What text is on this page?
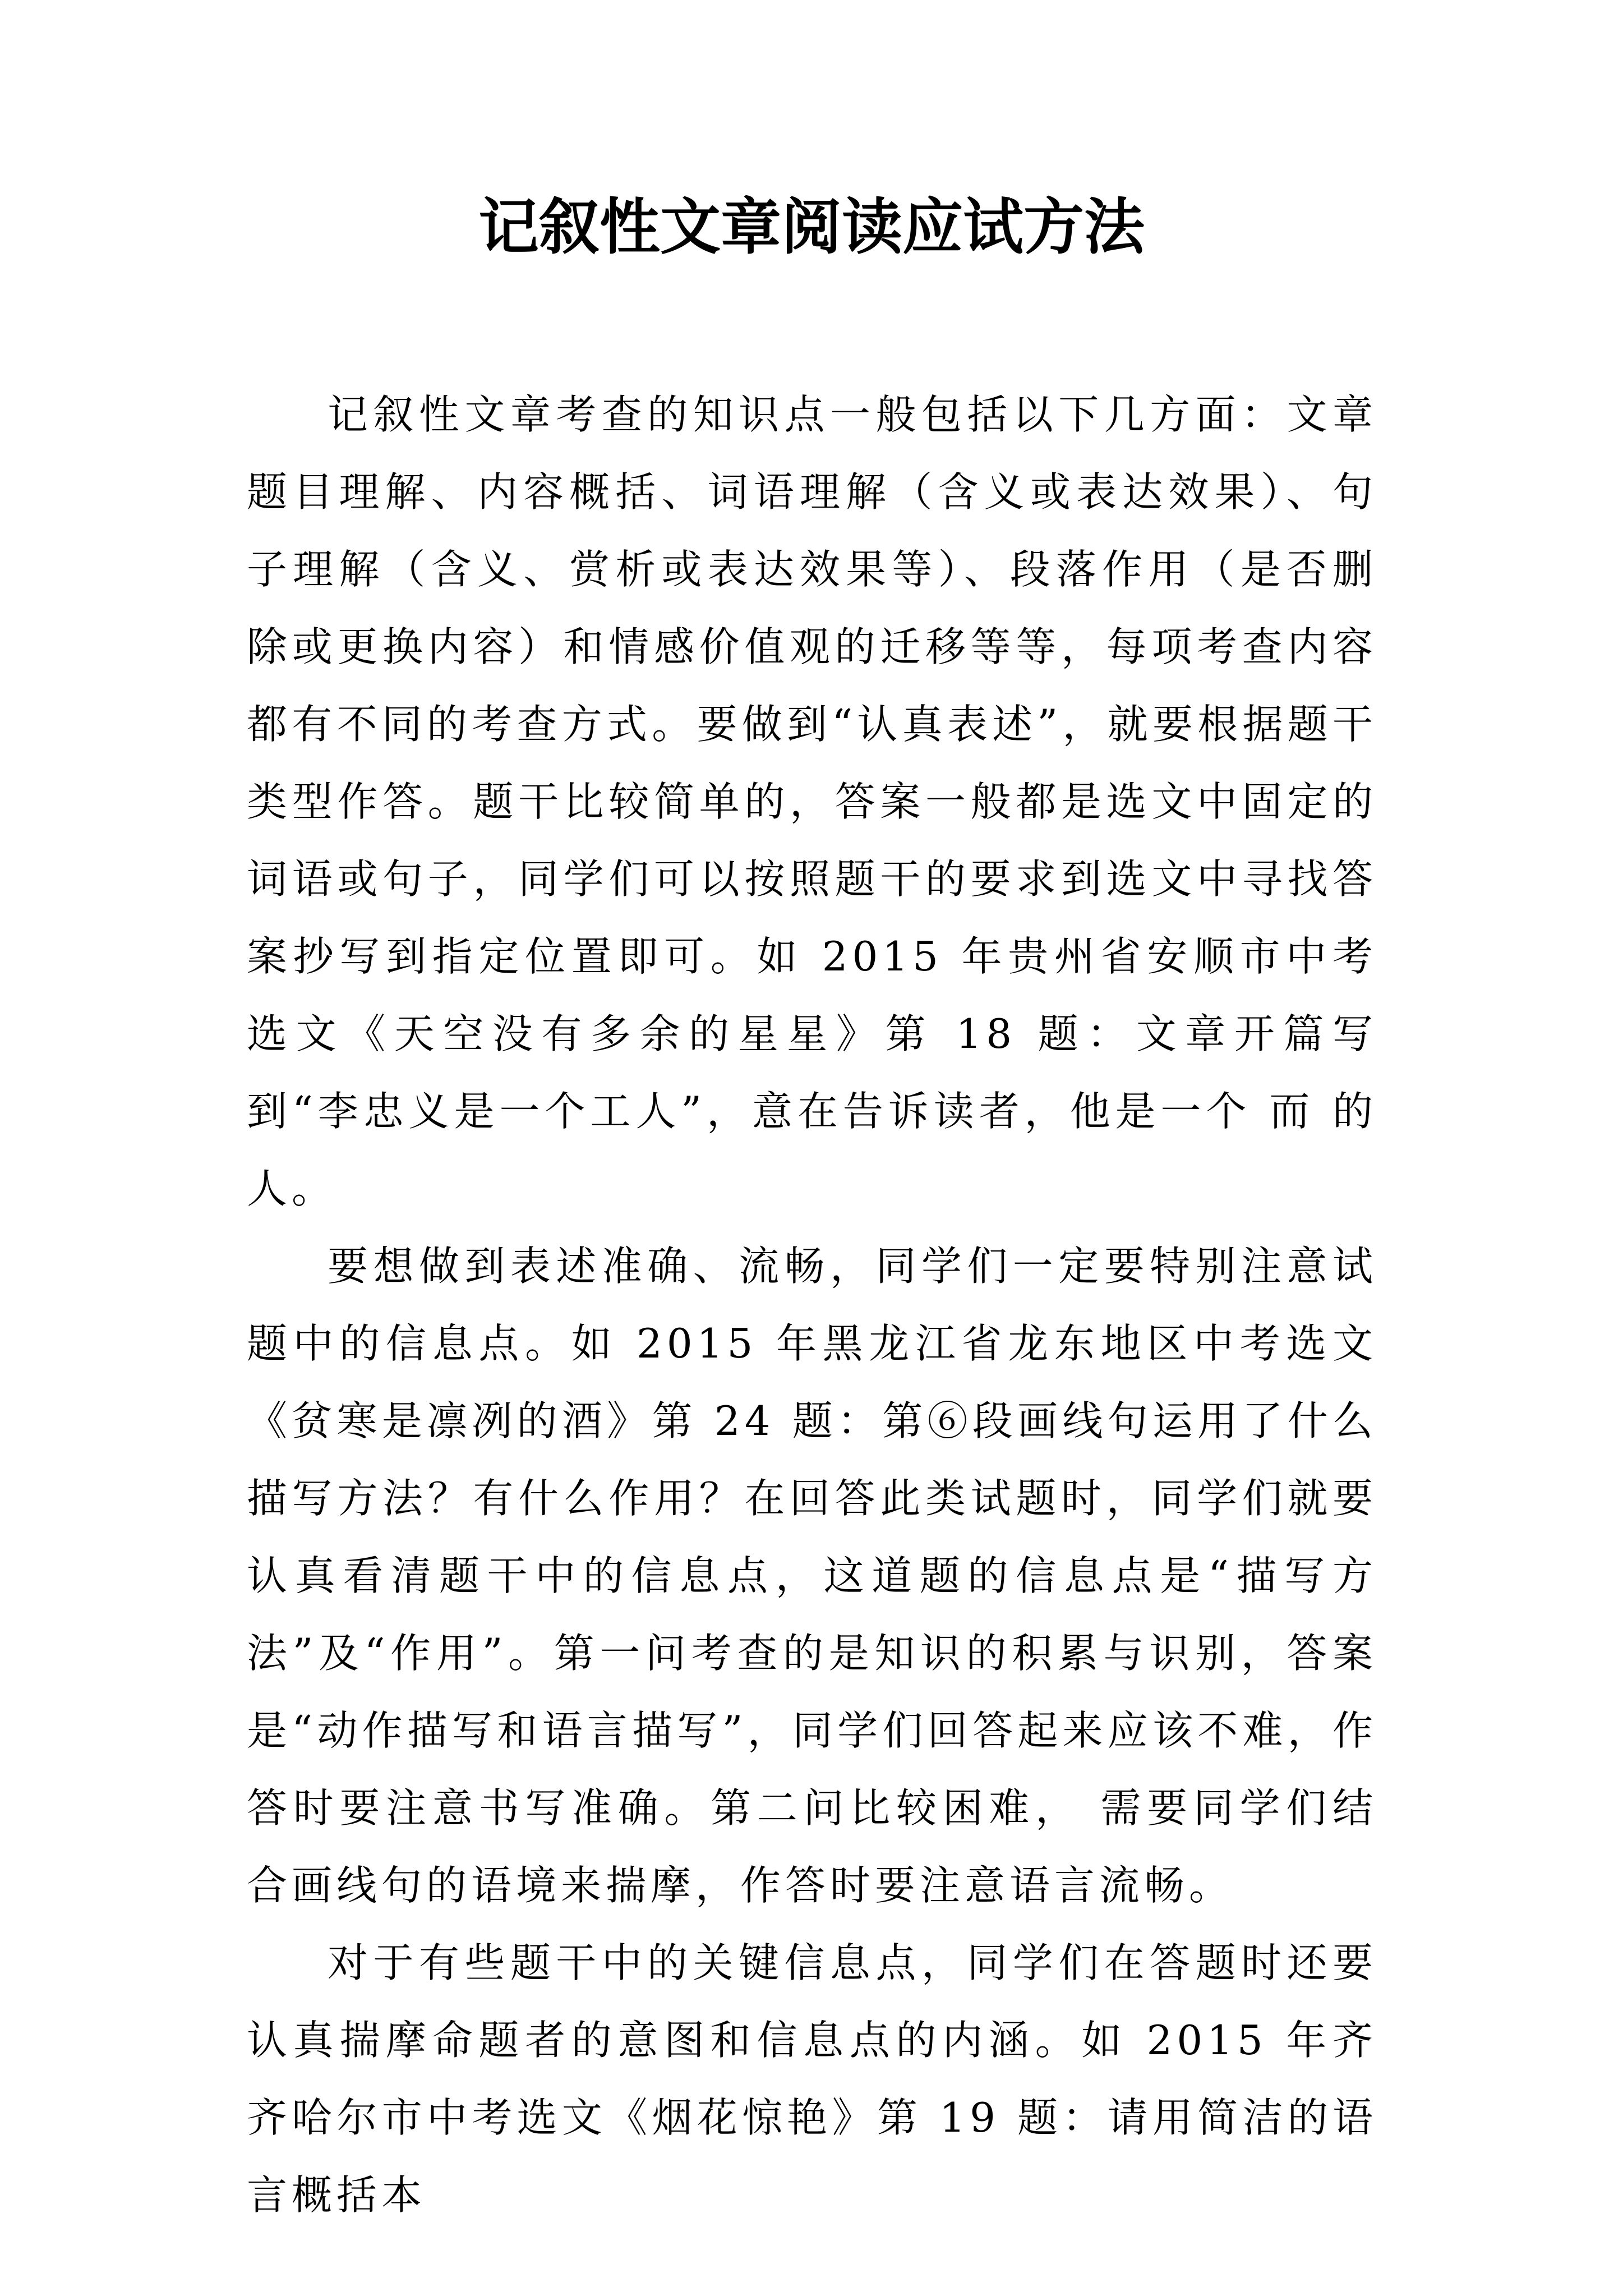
记叙性文章阅读应试方法

记叙性文章考查的知识点一般包括以下几方面：文章题目理解、内容概括、词语理解（含义或表达效果）、句子理解（含义、赏析或表达效果等）、段落作用（是否删除或更换内容）和情感价值观的迁移等等，每项考查内容都有不同的考查方式。要做到“认真表述”，就要根据题干类型作答。题干比较简单的，答案一般都是选文中固定的词语或句子，同学们可以按照题干的要求到选文中寻找答案抄写到指定位置即可。如 2015 年贵州省安顺市中考选文《天空没有多余的星星》第 18 题：文章开篇写到“李忠义是一个工人”，意在告诉读者，他是一个 而 的人。

要想做到表述准确、流畅，同学们一定要特别注意试题中的信息点。如 2015 年黑龙江省龙东地区中考选文《贫寒是凛冽的酒》第 24 题：第⑥段画线句运用了什么描写方法？有什么作用？在回答此类试题时，同学们就要认真看清题干中的信息点，这道题的信息点是“描写方法”及“作用”。第一问考查的是知识的积累与识别，答案是“动作描写和语言描写”，同学们回答起来应该不难，作答时要注意书写准确。第二问比较困难， 需要同学们结合画线句的语境来揣摩，作答时要注意语言流畅。

对于有些题干中的关键信息点，同学们在答题时还要认真揣摩命题者的意图和信息点的内涵。如 2015 年齐齐哈尔市中考选文《烟花惊艳》第 19 题：请用简洁的语言概括本
